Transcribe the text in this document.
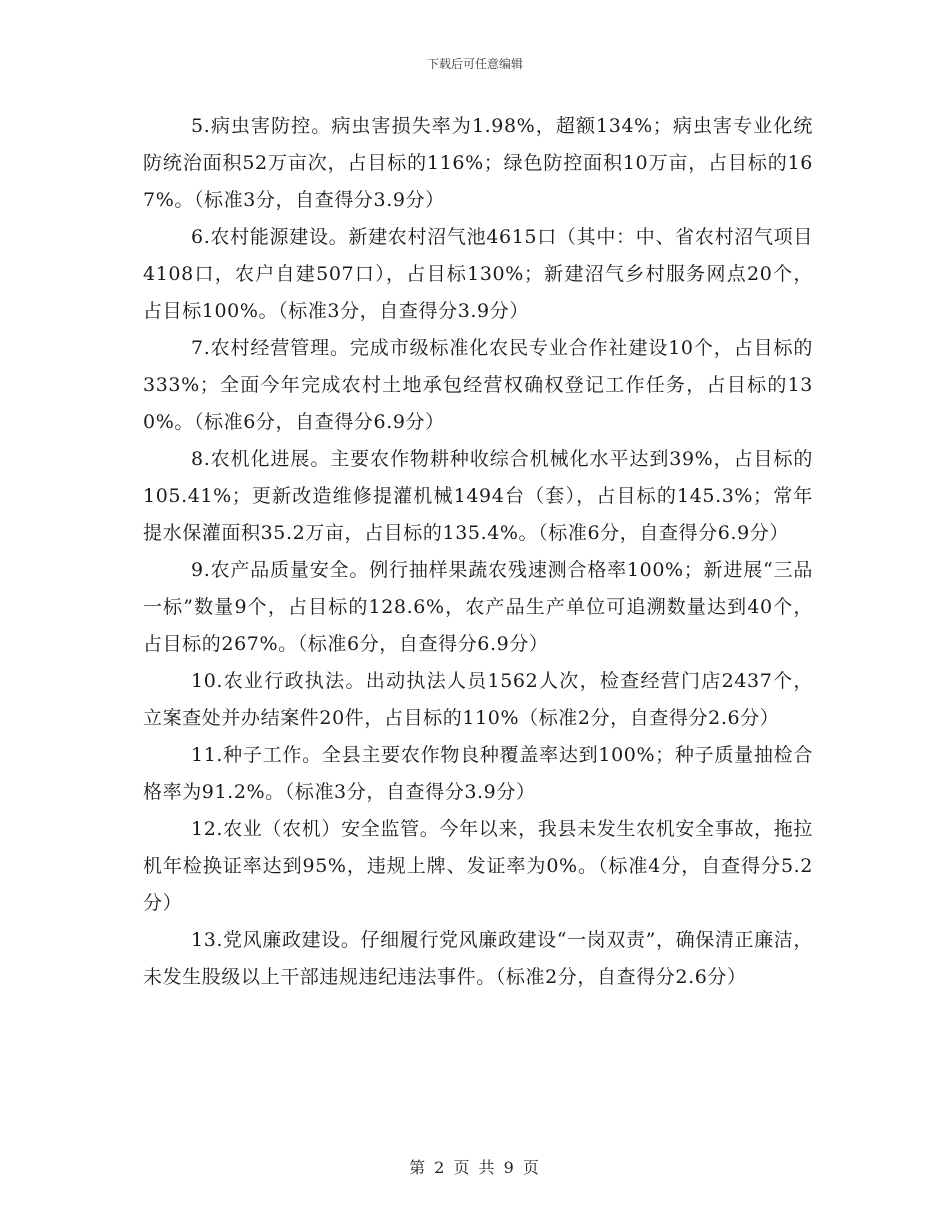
下载后可任意编辑

5.病虫害防控。病虫害损失率为1.98%，超额134%；病虫害专业化统防统治面积52万亩次，占目标的116%；绿色防控面积10万亩，占目标的167%。（标准3分，自查得分3.9分）

6.农村能源建设。新建农村沼气池4615口（其中：中、省农村沼气项目4108口，农户自建507口），占目标130%；新建沼气乡村服务网点20个，占目标100%。（标准3分，自查得分3.9分）

7.农村经营管理。完成市级标准化农民专业合作社建设10个，占目标的333%；全面今年完成农村土地承包经营权确权登记工作任务，占目标的130%。（标准6分，自查得分6.9分）

8.农机化进展。主要农作物耕种收综合机械化水平达到39%，占目标的105.41%；更新改造维修提灌机械1494台（套），占目标的145.3%；常年提水保灌面积35.2万亩，占目标的135.4%。（标准6分，自查得分6.9分）

9.农产品质量安全。例行抽样果蔬农残速测合格率100%；新进展“三品一标”数量9个，占目标的128.6%，农产品生产单位可追溯数量达到40个，占目标的267%。（标准6分，自查得分6.9分）

10.农业行政执法。出动执法人员1562人次，检查经营门店2437个，立案查处并办结案件20件，占目标的110%（标准2分，自查得分2.6分）

11.种子工作。全县主要农作物良种覆盖率达到100%；种子质量抽检合格率为91.2%。（标准3分，自查得分3.9分）

12.农业（农机）安全监管。今年以来，我县未发生农机安全事故，拖拉机年检换证率达到95%，违规上牌、发证率为0%。（标准4分，自查得分5.2分）

13.党风廉政建设。仔细履行党风廉政建设“一岗双责”，确保清正廉洁，未发生股级以上干部违规违纪违法事件。（标准2分，自查得分2.6分）

第 2 页 共 9 页
